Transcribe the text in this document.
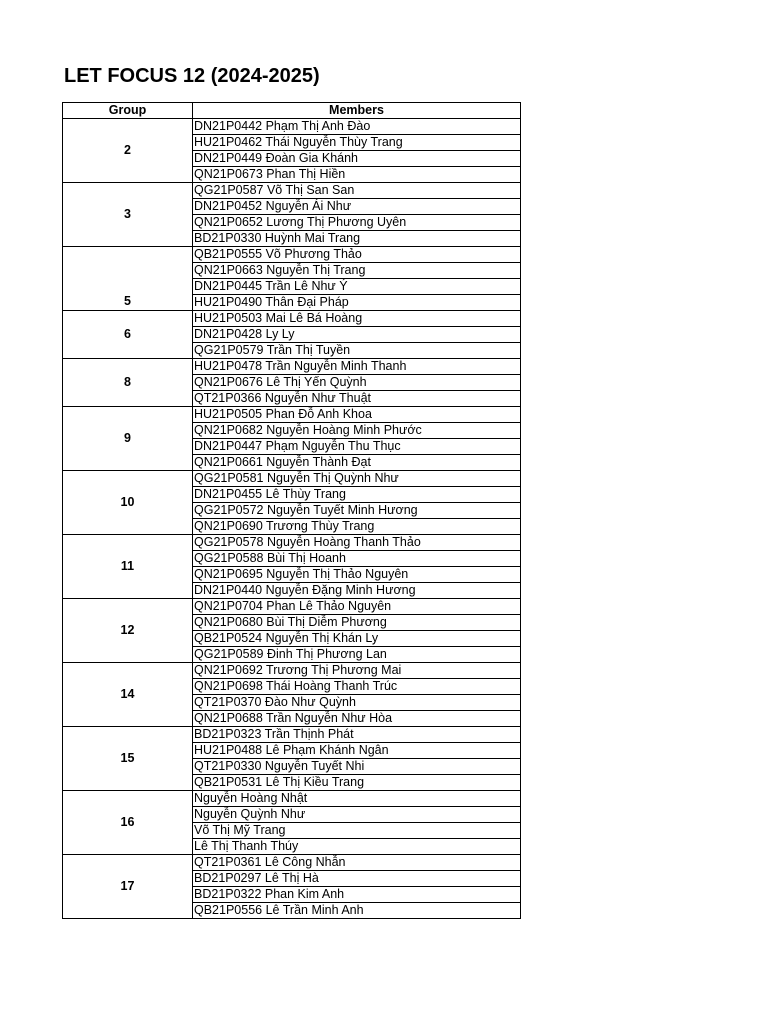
LET FOCUS 12 (2024-2025)
Group	Members
2	DN21P0442 Phạm Thị Anh Đào
	HU21P0462 Thái Nguyễn Thùy Trang
	DN21P0449 Đoàn Gia Khánh
	QN21P0673 Phan Thị Hiền
3	QG21P0587 Võ Thị San San
	DN21P0452 Nguyễn Ái Như
	QN21P0652 Lương Thị Phương Uyên
	BD21P0330 Huỳnh Mai Trang
5	QB21P0555 Võ Phương Thảo
	QN21P0663 Nguyễn Thị Trang
	DN21P0445 Trần Lê Như Ý
	HU21P0490 Thân Đại Pháp
6	HU21P0503 Mai Lê Bá Hoàng
	DN21P0428 Ly Ly
	QG21P0579 Trần Thị Tuyền
8	HU21P0478 Trần Nguyễn Minh Thanh
	QN21P0676 Lê Thị Yến Quỳnh
	QT21P0366 Nguyễn Như Thuật
9	HU21P0505 Phan Đỗ Anh Khoa
	QN21P0682 Nguyễn Hoàng Minh Phước
	DN21P0447 Phạm Nguyễn Thu Thục
	QN21P0661 Nguyễn Thành Đạt
10	QG21P0581 Nguyễn Thị Quỳnh Như
	DN21P0455 Lê Thùy Trang
	QG21P0572 Nguyễn Tuyết Minh Hương
	QN21P0690 Trương Thùy Trang
11	QG21P0578 Nguyễn Hoàng Thanh Thảo
	QG21P0588 Bùi Thị Hoanh
	QN21P0695 Nguyễn Thị Thảo Nguyên
	DN21P0440 Nguyễn Đặng Minh Hương
12	QN21P0704 Phan Lê Thảo Nguyên
	QN21P0680 Bùi Thị Diễm Phương
	QB21P0524 Nguyễn Thị Khán Ly
	QG21P0589 Đinh Thị Phương Lan
14	QN21P0692 Trương Thị Phương Mai
	QN21P0698 Thái Hoàng Thanh Trúc
	QT21P0370 Đào Như Quỳnh
	QN21P0688 Trần Nguyễn Như Hòa
15	BD21P0323 Trần Thịnh Phát
	HU21P0488 Lê Phạm Khánh Ngân
	QT21P0330 Nguyễn Tuyết Nhi
	QB21P0531 Lê Thị Kiều Trang
16	Nguyễn Hoàng Nhật
	Nguyễn Quỳnh Như
	Võ Thị Mỹ Trang
	Lê Thị Thanh Thúy
17	QT21P0361 Lê Công Nhẫn
	BD21P0297 Lê Thị Hà
	BD21P0322 Phan Kim Anh
	QB21P0556 Lê Trần Minh Anh
